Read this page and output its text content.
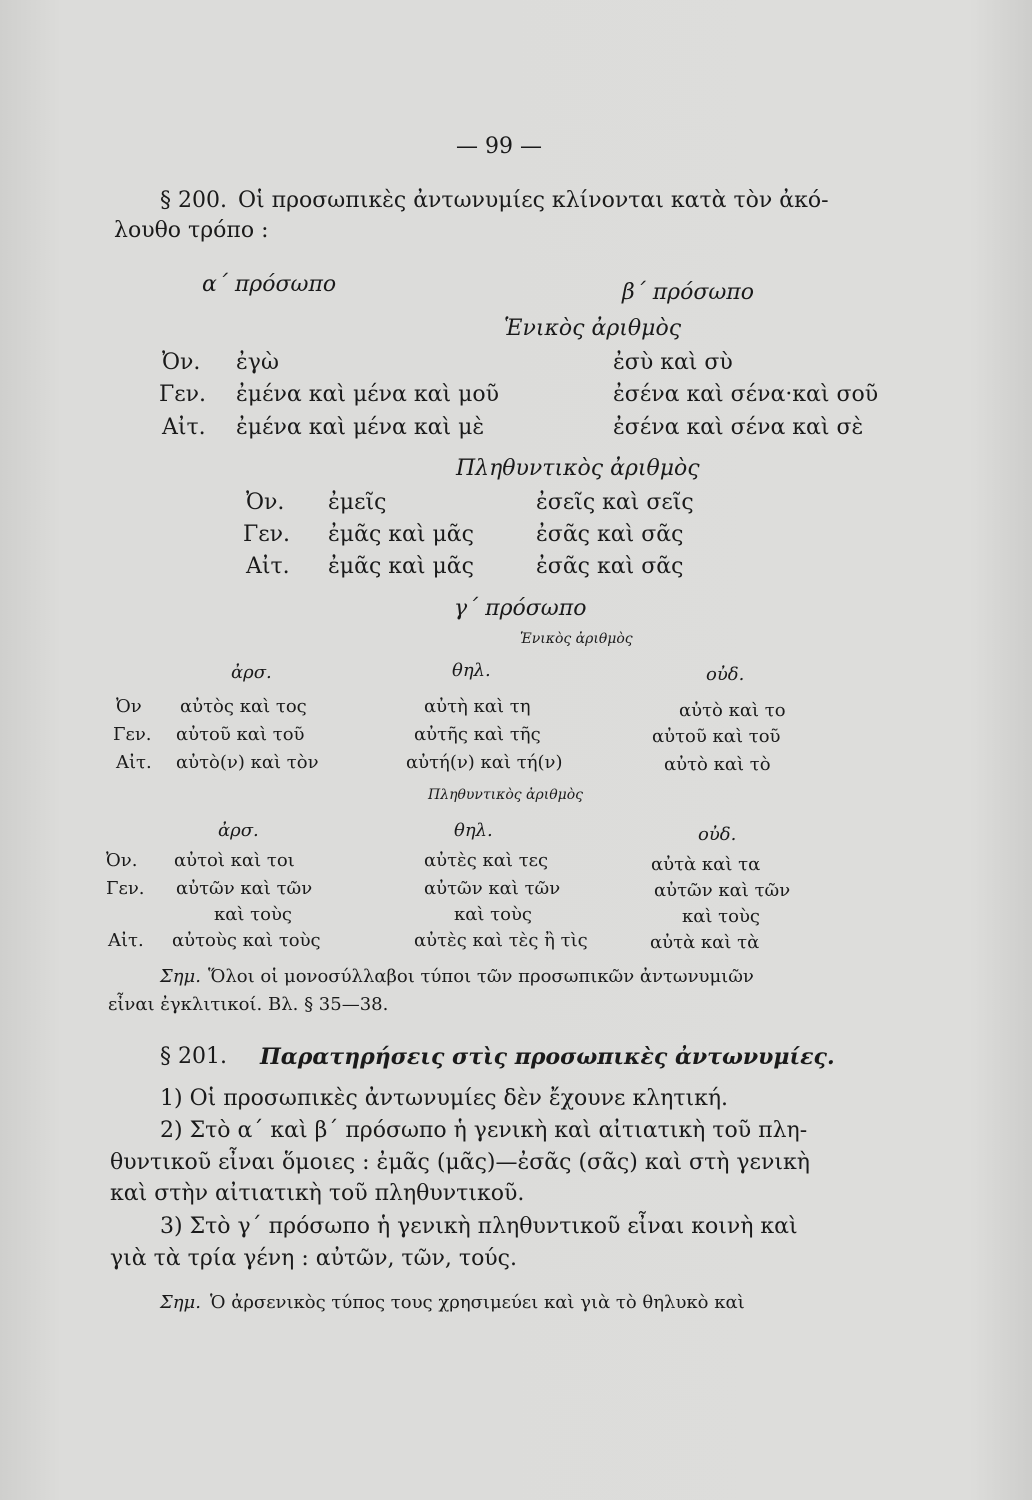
— 99 —
§ 200. Οἱ προσωπικὲς ἀντωνυμίες κλίνονται κατὰ τὸν ἀκό-
λουθο τρόπο :
α΄ πρόσωπο	β΄ πρόσωπο
Ἑνικὸς ἀριθμὸς
Ὀν. ἐγὼ	ἐσὺ καὶ σὺ
Γεν. ἐμένα καὶ μένα καὶ μοῦ	ἐσένα καὶ σένα·καὶ σοῦ
Αἰτ. ἐμένα καὶ μένα καὶ μὲ	ἐσένα καὶ σένα καὶ σὲ
Πληθυντικὸς ἀριθμὸς
Ὀν. ἐμεῖς	ἐσεῖς καὶ σεῖς
Γεν. ἐμᾶς καὶ μᾶς	ἐσᾶς καὶ σᾶς
Αἰτ. ἐμᾶς καὶ μᾶς	ἐσᾶς καὶ σᾶς
γ΄ πρόσωπο
Ἑνικὸς ἀριθμὸς
ἀρσ.	θηλ.	οὐδ.
Ὀν αὐτὸς καὶ τος	αὐτὴ καὶ τη	αὐτὸ καὶ το
Γεν. αὐτοῦ καὶ τοῦ	αὐτῆς καὶ τῆς	αὐτοῦ καὶ τοῦ
Αἰτ. αὐτὸ(ν) καὶ τὸν	αὐτή(ν) καὶ τή(ν)	αὐτὸ καὶ τὸ
Πληθυντικὸς ἀριθμὸς
ἀρσ.	θηλ.	οὐδ.
Ὀν. αὐτοὶ καὶ τοι	αὐτὲς καὶ τες	αὐτὰ καὶ τα
Γεν. αὐτῶν καὶ τῶν	αὐτῶν καὶ τῶν	αὐτῶν καὶ τῶν
καὶ τοὺς	καὶ τοὺς	καὶ τοὺς
Αἰτ. αὐτοὺς καὶ τοὺς	αὐτὲς καὶ τὲς ἢ τὶς	αὐτὰ καὶ τὰ
Σημ. Ὅλοι οἱ μονοσύλλαβοι τύποι τῶν προσωπικῶν ἀντωνυμιῶν
εἶναι ἐγκλιτικοί. Βλ. § 35—38.
§ 201. Παρατηρήσεις στὶς προσωπικὲς ἀντωνυμίες.
1) Οἱ προσωπικὲς ἀντωνυμίες δὲν ἔχουνε κλητική.
2) Στὸ α΄ καὶ β΄ πρόσωπο ἡ γενικὴ καὶ αἰτιατικὴ τοῦ πλη-
θυντικοῦ εἶναι ὅμοιες : ἐμᾶς (μᾶς)—ἐσᾶς (σᾶς) καὶ στὴ γενικὴ
καὶ στὴν αἰτιατικὴ τοῦ πληθυντικοῦ.
3) Στὸ γ΄ πρόσωπο ἡ γενικὴ πληθυντικοῦ εἶναι κοινὴ καὶ
γιὰ τὰ τρία γένη : αὐτῶν, τῶν, τούς.
Σημ. Ὁ ἀρσενικὸς τύπος τους χρησιμεύει καὶ γιὰ τὸ θηλυκὸ καὶ
